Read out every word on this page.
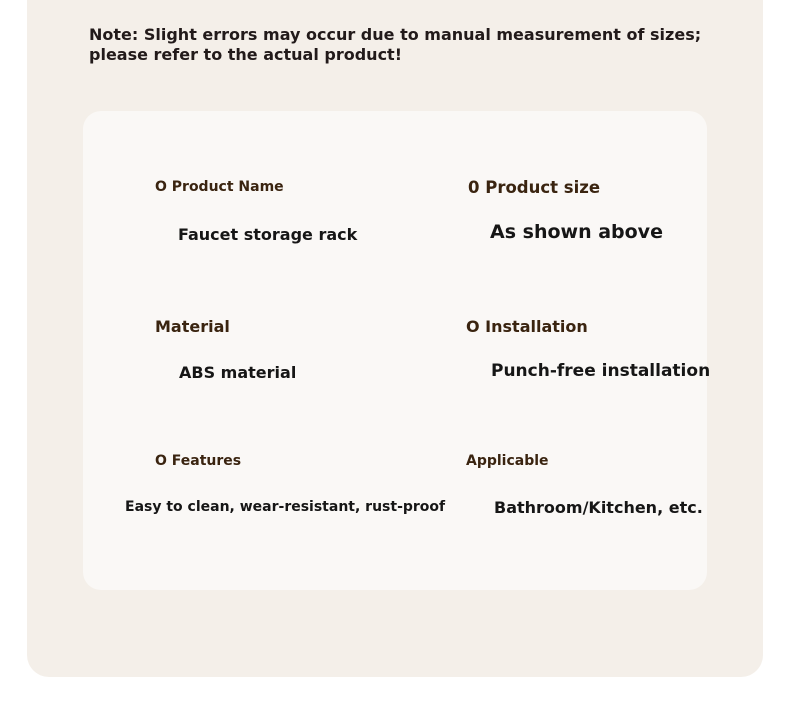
Note: Slight errors may occur due to manual measurement of sizes; please refer to the actual product!

O Product Name

Faucet storage rack

0 Product size

As shown above

Material

ABS material

O Installation

Punch-free installation

O Features

Easy to clean, wear-resistant, rust-proof

Applicable

Bathroom/Kitchen, etc.
